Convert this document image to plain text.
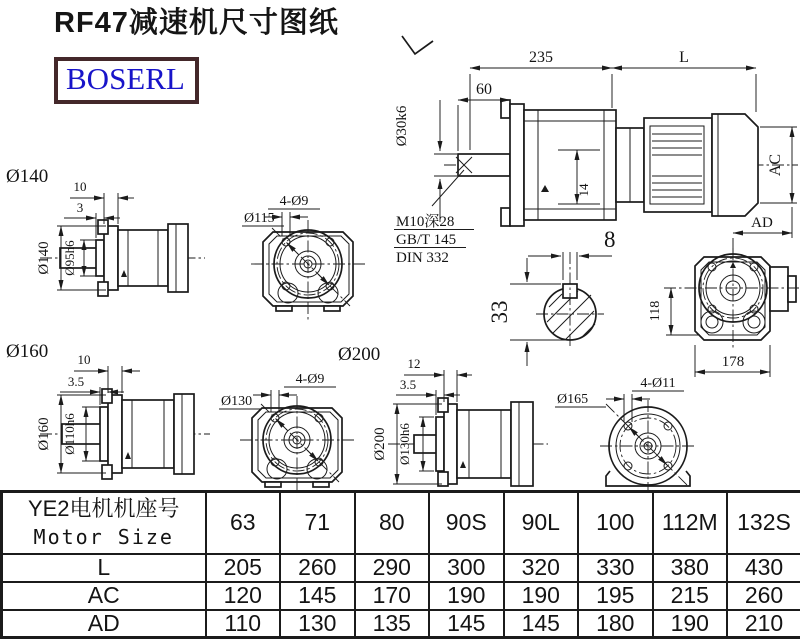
RF47减速机尺寸图纸
BOSERL
235	L
60
Ø30k6
14
AC
AD
M10深28
GB/T 145
DIN 332
8
33	118
178
Ø140 10
3
Ø140 Ø95h6
Ø115
4-Ø9
Ø160 10
3.5
Ø160 Ø110h6
Ø130
4-Ø9
Ø200 12
3.5
Ø200 Ø130h6
Ø165
4-Ø11
YE2电机机座号
Motor Size	63	71	80	90S	90L	100	112M	132S
L	205	260	290	300	320	330	380	430
AC	120	145	170	190	190	195	215	260
AD	110	130	135	145	145	180	190	210
